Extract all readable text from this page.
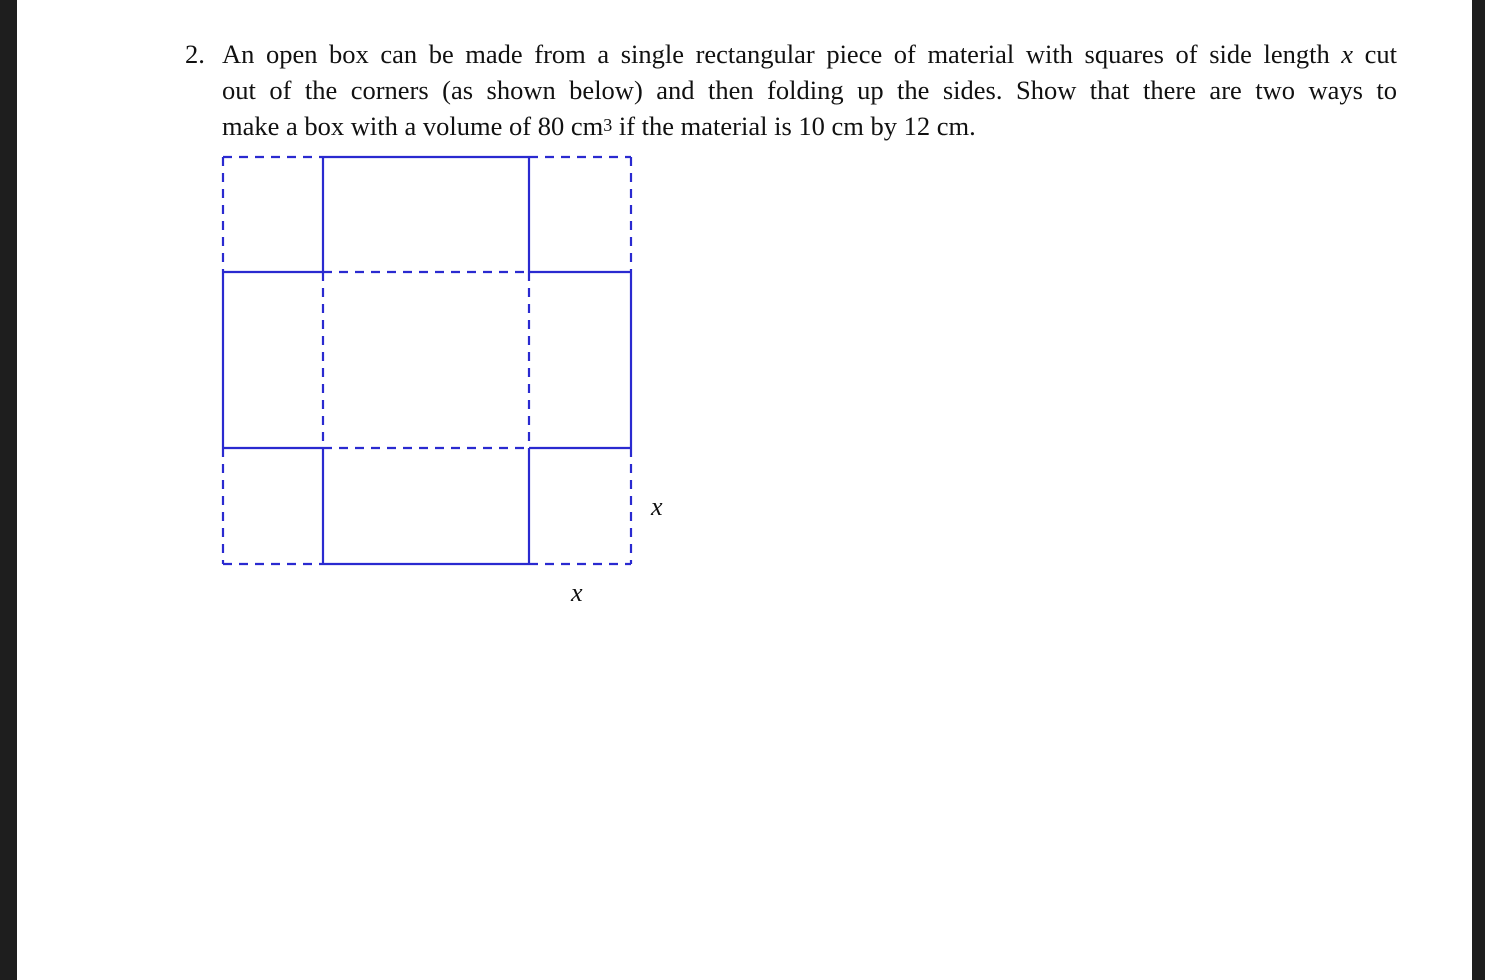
2. An open box can be made from a single rectangular piece of material with squares of side length x cut
out of the corners (as shown below) and then folding up the sides. Show that there are two ways to
make a box with a volume of 80 $cm^3$ if the material is 10 cm by 12 cm.
x
x
